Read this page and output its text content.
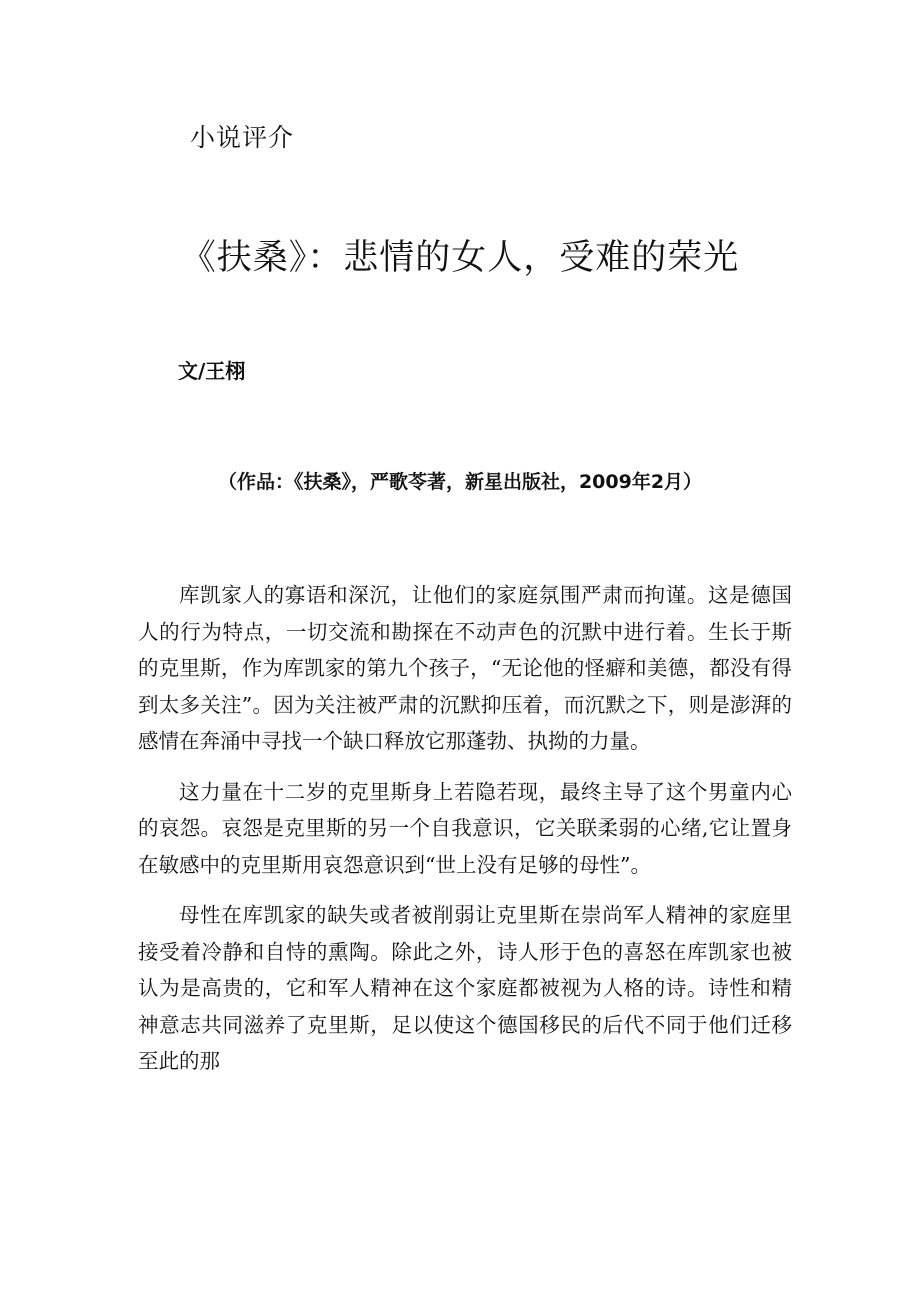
小说评介
《扶桑》：悲情的女人，受难的荣光
文/王栩
（作品：《扶桑》，严歌苓著，新星出版社，2009年2月）

库凯家人的寡语和深沉，让他们的家庭氛围严肃而拘谨。这是德国人的行为特点，一切交流和勘探在不动声色的沉默中进行着。生长于斯的克里斯，作为库凯家的第九个孩子，“无论他的怪癖和美德，都没有得到太多关注”。因为关注被严肃的沉默抑压着，而沉默之下，则是澎湃的感情在奔涌中寻找一个缺口释放它那蓬勃、执拗的力量。

这力量在十二岁的克里斯身上若隐若现，最终主导了这个男童内心的哀怨。哀怨是克里斯的另一个自我意识，它关联柔弱的心绪,它让置身在敏感中的克里斯用哀怨意识到“世上没有足够的母性”。

母性在库凯家的缺失或者被削弱让克里斯在崇尚军人精神的家庭里接受着冷静和自恃的熏陶。除此之外，诗人形于色的喜怒在库凯家也被认为是高贵的，它和军人精神在这个家庭都被视为人格的诗。诗性和精神意志共同滋养了克里斯，足以使这个德国移民的后代不同于他们迁移至此的那
